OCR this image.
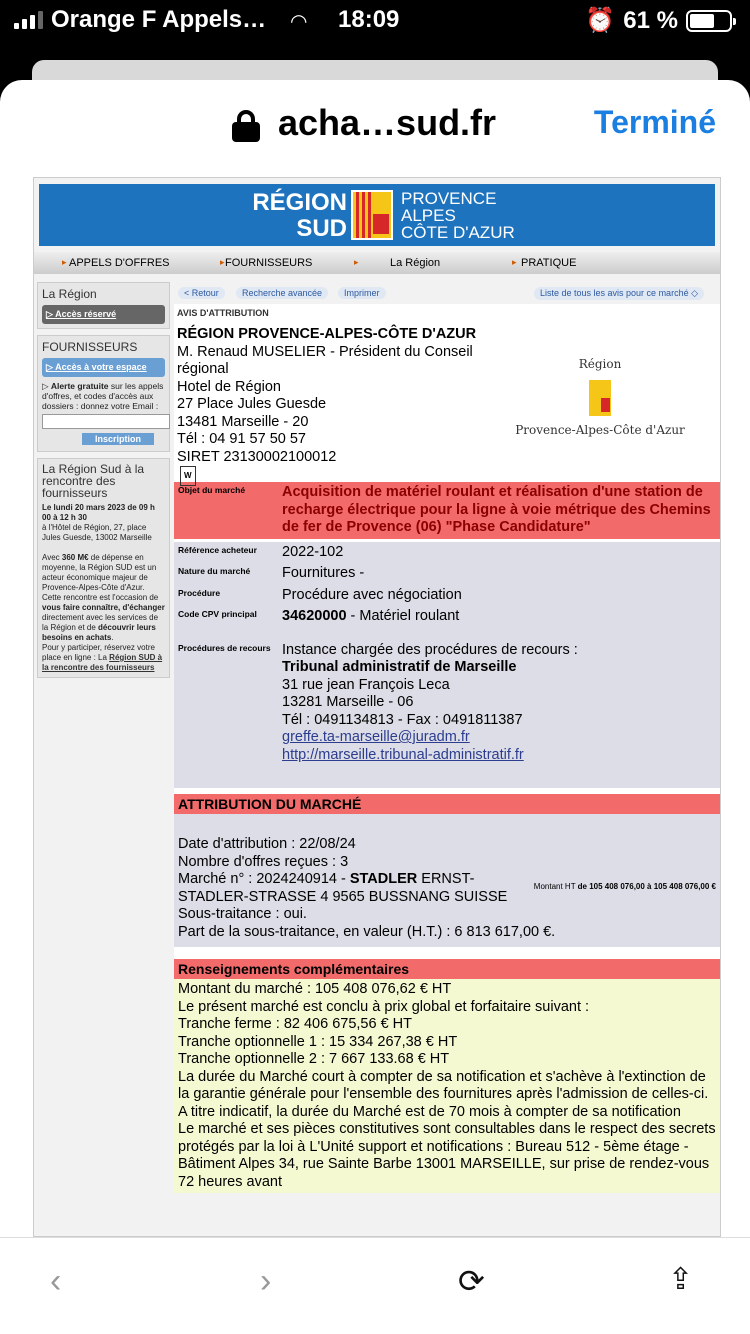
Orange F Appels… ◠ 18:09	⏰ 61 %
acha…sud.fr	Terminé
RÉGION
SUD
PROVENCE
ALPES
CÔTE D'AZUR
▸ APPELS D'OFFRES	▸ FOURNISSEURS	▸	La Région	▸ PRATIQUE
La Région
▷ Accès réservé
FOURNISSEURS
▷ Accès à votre espace
▷ Alerte gratuite sur les appels d'offres, et codes d'accès aux dossiers : donnez votre Email :
Inscription
La Région Sud à la rencontre des fournisseurs
Le lundi 20 mars 2023 de 09 h 00 à 12 h 30
à l'Hôtel de Région, 27, place Jules Guesde, 13002 Marseille
Avec 360 M€ de dépense en moyenne, la Région SUD est un acteur économique majeur de Provence-Alpes-Côte d'Azur.
Cette rencontre est l'occasion de vous faire connaître, d'échanger directement avec les services de la Région et de découvrir leurs besoins en achats.
Pour y participer, réservez votre place en ligne : La Région SUD à la rencontre des fournisseurs
< Retour	Recherche avancée	Imprimer	Liste de tous les avis pour ce marché ◇
AVIS D'ATTRIBUTION
RÉGION PROVENCE-ALPES-CÔTE D'AZUR
M. Renaud MUSELIER - Président du Conseil
régional
Hotel de Région
27 Place Jules Guesde
13481 Marseille - 20
Tél : 04 91 57 50 57
SIRET 23130002100012
W
Région
Provence-Alpes-Côte d'Azur
Objet du marché	Acquisition de matériel roulant et réalisation d'une station de recharge électrique pour la ligne à voie métrique des Chemins de fer de Provence (06) "Phase Candidature"
Référence acheteur	2022-102
Nature du marché	Fournitures -
Procédure	Procédure avec négociation
Code CPV principal	34620000 - Matériel roulant
Procédures de recours Instance chargée des procédures de recours :
Tribunal administratif de Marseille
31 rue jean François Leca
13281 Marseille - 06
Tél : 0491134813 - Fax : 0491811387
greffe.ta-marseille@juradm.fr
http://marseille.tribunal-administratif.fr
ATTRIBUTION DU MARCHÉ
Date d'attribution : 22/08/24
Nombre d'offres reçues : 3
Marché n° : 2024240914 - STADLER ERNST-
STADLER-STRASSE 4 9565 BUSSNANG SUISSE
Montant HT de 105 408 076,00 à 105 408 076,00 €
Sous-traitance : oui.
Part de la sous-traitance, en valeur (H.T.) : 6 813 617,00 €.
Renseignements complémentaires
Montant du marché : 105 408 076,62 € HT
Le présent marché est conclu à prix global et forfaitaire suivant :
Tranche ferme : 82 406 675,56 € HT
Tranche optionnelle 1 : 15 334 267,38 € HT
Tranche optionnelle 2 : 7 667 133.68 € HT
La durée du Marché court à compter de sa notification et s'achève à l'extinction de la garantie générale pour l'ensemble des fournitures après l'admission de celles-ci.
A titre indicatif, la durée du Marché est de 70 mois à compter de sa notification
Le marché et ses pièces constitutives sont consultables dans le respect des secrets protégés par la loi à L'Unité support et notifications : Bureau 512 - 5ème étage - Bâtiment Alpes 34, rue Sainte Barbe 13001 MARSEILLE, sur prise de rendez-vous 72 heures avant
‹	›	⟳	⇪
